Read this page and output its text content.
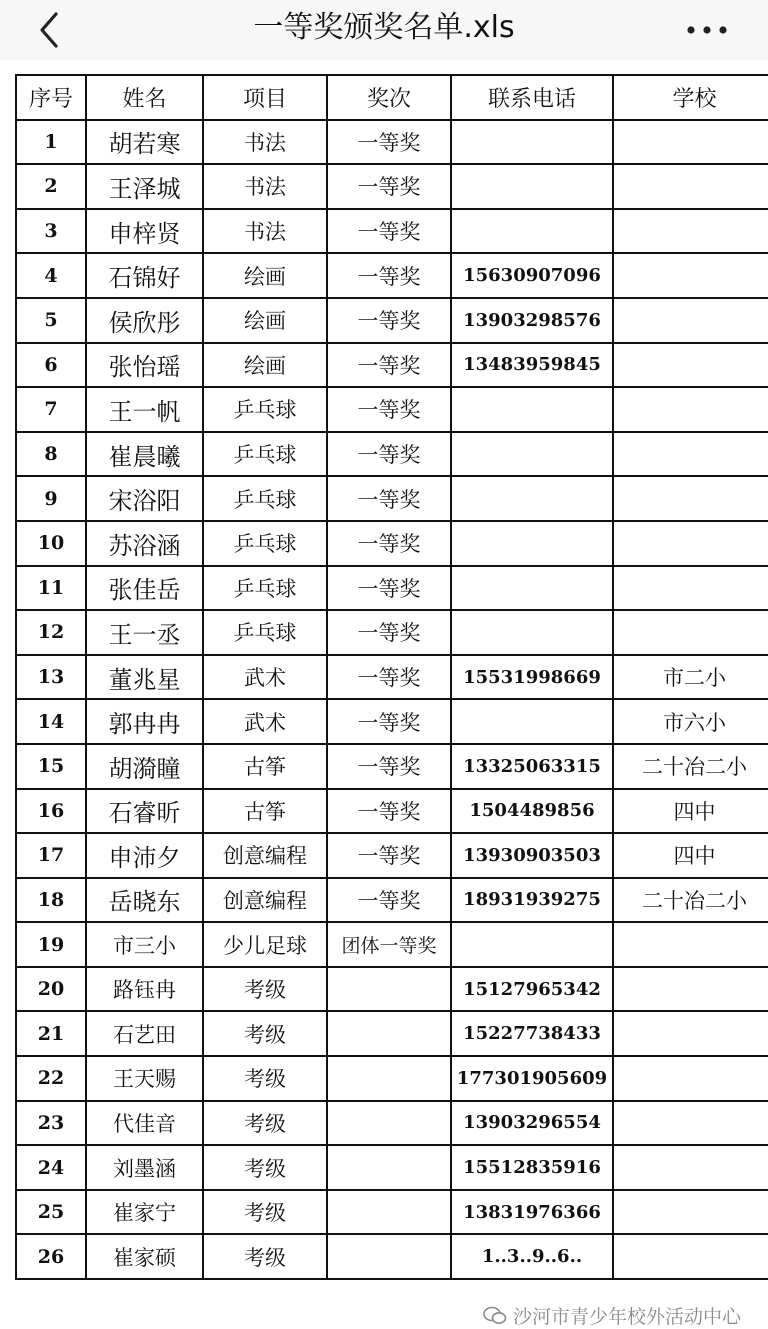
一等奖颁奖名单.xls
序号	姓名	项目	奖次	联系电话	学校
1	胡若寒	书法	一等奖		
2	王泽城	书法	一等奖		
3	申梓贤	书法	一等奖		
4	石锦好	绘画	一等奖	15630907096	
5	侯欣彤	绘画	一等奖	13903298576	
6	张怡瑶	绘画	一等奖	13483959845	
7	王一帆	乒乓球	一等奖		
8	崔晨曦	乒乓球	一等奖		
9	宋浴阳	乒乓球	一等奖		
10	苏浴涵	乒乓球	一等奖		
11	张佳岳	乒乓球	一等奖		
12	王一丞	乒乓球	一等奖		
13	董兆星	武术	一等奖	15531998669	市二小
14	郭冉冉	武术	一等奖		市六小
15	胡漪瞳	古筝	一等奖	13325063315	二十冶二小
16	石睿昕	古筝	一等奖	1504489856	四中
17	申沛夕	创意编程	一等奖	13930903503	四中
18	岳晓东	创意编程	一等奖	18931939275	二十冶二小
19	市三小	少儿足球	团体一等奖		
20	路钰冉	考级		15127965342	
21	石艺田	考级		15227738433	
22	王天赐	考级		177301905609	
23	代佳音	考级		13903296554	
24	刘墨涵	考级		15512835916	
25	崔家宁	考级		13831976366	
26	崔家硕	考级		1..3..9..6..	
沙河市青少年校外活动中心
